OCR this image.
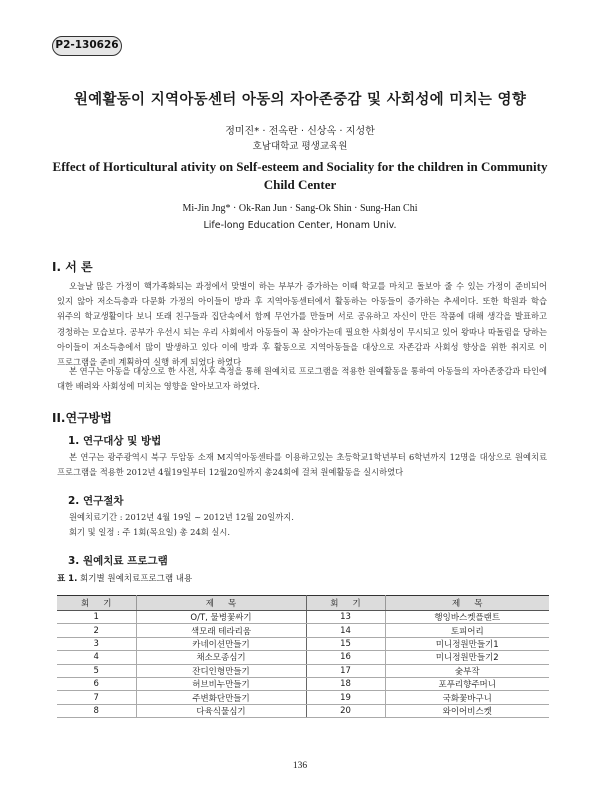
P2-130626
원예활동이 지역아동센터 아동의 자아존중감 및 사회성에 미치는 영향
정미진* · 전옥란 · 신상옥 · 지성한
호남대학교 평생교육원
Effect of Horticultural ativity on Self-esteem and Sociality for the children in Community
Child Center
Mi-Jin Jng* · Ok-Ran Jun · Sang-Ok Shin · Sung-Han Chi
Life-long Education Center, Honam Univ.
I. 서 론
오늘날 많은 가정이 핵가족화되는 과정에서 맞벌이 하는 부부가 증가하는 이때 학교를 마치고 돌보아 줄 수 있는 가정이 준비되어 있지 않아 저소득층과 다문화 가정의 아이들이 방과 후 지역아동센터에서 활동하는 아동들이 증가하는 추세이다. 또한 학원과 학습 위주의 학교생활이다 보니 또래 친구들과 집단속에서 함께 무언가를 만들며 서로 공유하고 자신이 만든 작품에 대해 생각을 발표하고 경청하는 모습보다. 공부가 우선시 되는 우리 사회에서 아동들이 꼭 살아가는데 필요한 사회성이 무시되고 있어 왕따나 따돌림을 당하는 아이들이 저소득층에서 많이 발생하고 있다 이에 방과 후 활동으로 지역아동들을 대상으로 자존감과 사회성 향상을 위한 취지로 이 프로그램을 준비 계획하여 실행 하게 되었다 하였다
본 연구는 아동을 대상으로 한 사전, 사후 측정을 통해 원예치료 프로그램을 적용한 원예활동을 통하여 아동들의 자아존중감과 타인에 대한 배려와 사회성에 미치는 영향을 알아보고자 하였다.
II.연구방법
1. 연구대상 및 방법
본 연구는 광주광역시 북구 두암동 소재 M지역아동센타를 이용하고있는 초등학교1학년부터 6학년까지 12명을 대상으로 원예치료 프로그램을 적용한 2012년 4월19일부터 12월20일까지 총24회에 걸쳐 원예활동을 실시하였다
2. 연구절차
원예치료기간 : 2012년 4월 19일 ~ 2012년 12월 20일까지.
회기 및 일정 : 주 1회(목요일) 총 24회 실시.
3. 원예치료 프로그램
표 1. 회기별 원예치료프로그램 내용
회기	제목	회기	제목
1	O/T, 물병꽃싸기	13	행잉바스켓플랜트
2	색모래 테라리움	14	토피어리
3	카네이션만들기	15	미니정원만들기1
4	채소모종심기	16	미니정원만들기2
5	잔디인형만들기	17	숯부작
6	허브비누만들기	18	포푸리향주머니
7	주변화단만들기	19	국화꽃바구니
8	다육식물심기	20	와이어비스켓
136
